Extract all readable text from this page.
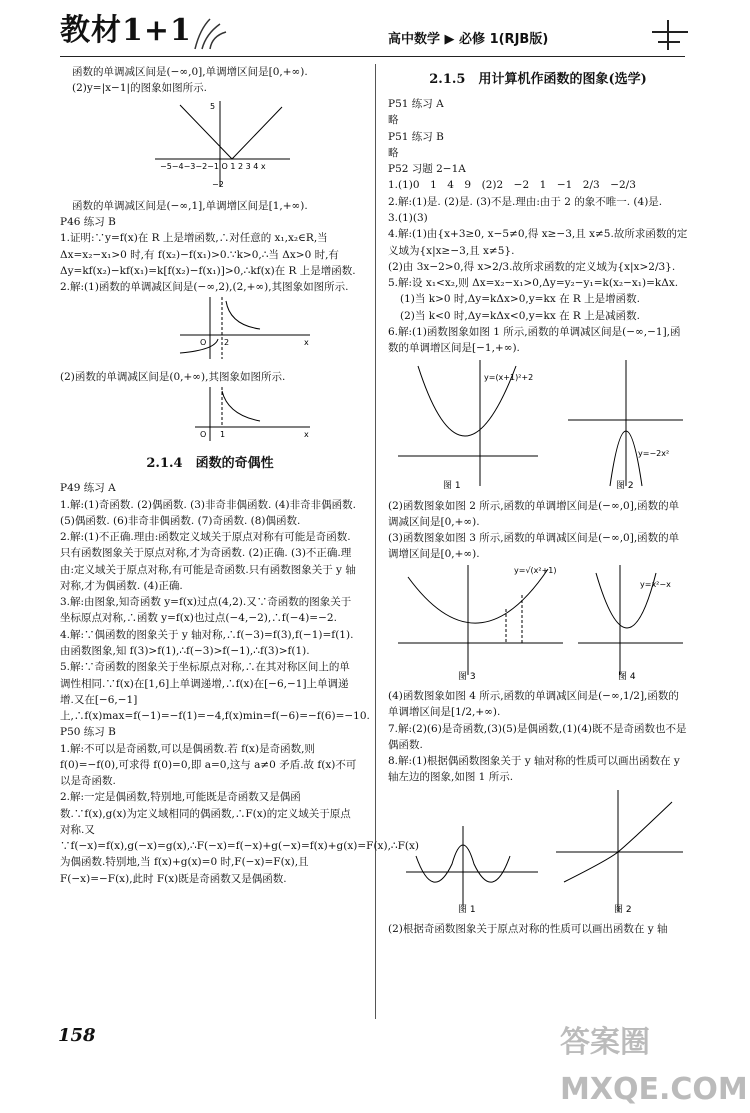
教材1+1	高中数学 ▶ 必修 1(RJB版)

函数的单调减区间是(−∞,0],单调增区间是[0,+∞).

(2)y=|x−1|的图象如图所示.

−5−4−3−2−1 O 1 2 3 4 x
5
−2

函数的单调减区间是(−∞,1],单调增区间是[1,+∞).

P46 练习 B

1.证明:∵y=f(x)在 R 上是增函数,∴对任意的 x₁,x₂∈R,当 Δx=x₂−x₁>0 时,有 f(x₂)−f(x₁)>0.∵k>0,∴当 Δx>0 时,有 Δy=kf(x₂)−kf(x₁)=k[f(x₂)−f(x₁)]>0,∴kf(x)在 R 上是增函数.

2.解:(1)函数的单调减区间是(−∞,2),(2,+∞),其图象如图所示.

O 2	x

(2)函数的单调减区间是(0,+∞),其图象如图所示.

O 1	x
2.1.4　函数的奇偶性

P49 练习 A

1.解:(1)奇函数. (2)偶函数. (3)非奇非偶函数. (4)非奇非偶函数. (5)偶函数. (6)非奇非偶函数. (7)奇函数. (8)偶函数.

2.解:(1)不正确.理由:函数定义域关于原点对称有可能是奇函数.只有函数图象关于原点对称,才为奇函数. (2)正确. (3)不正确.理由:定义域关于原点对称,有可能是奇函数.只有函数图象关于 y 轴对称,才为偶函数. (4)正确.

3.解:由图象,知奇函数 y=f(x)过点(4,2).又∵奇函数的图象关于坐标原点对称,∴函数 y=f(x)也过点(−4,−2),∴f(−4)=−2.

4.解:∵偶函数的图象关于 y 轴对称,∴f(−3)=f(3),f(−1)=f(1).由函数图象,知 f(3)>f(1),∴f(−3)>f(−1),∴f(3)>f(1).

5.解:∵奇函数的图象关于坐标原点对称,∴在其对称区间上的单调性相同.∵f(x)在[1,6]上单调递增,∴f(x)在[−6,−1]上单调递增.又在[−6,−1]上,∴f(x)max=f(−1)=−f(1)=−4,f(x)min=f(−6)=−f(6)=−10.

P50 练习 B

1.解:不可以是奇函数,可以是偶函数.若 f(x)是奇函数,则 f(0)=−f(0),可求得 f(0)=0,即 a=0,这与 a≠0 矛盾.故 f(x)不可以是奇函数.

2.解:一定是偶函数,特别地,可能既是奇函数又是偶函数.∵f(x),g(x)为定义域相同的偶函数,∴F(x)的定义域关于原点对称.又∵f(−x)=f(x),g(−x)=g(x),∴F(−x)=f(−x)+g(−x)=f(x)+g(x)=F(x),∴F(x)为偶函数.特别地,当 f(x)+g(x)=0 时,F(−x)=F(x),且 F(−x)=−F(x),此时 F(x)既是奇函数又是偶函数.

2.1.5　用计算机作函数的图象(选学)

P51 练习 A

略

P51 练习 B

略

P52 习题 2−1A

1.(1)0　1　4　9　(2)2　−2　1　−1　2/3　−2/3

2.解:(1)是. (2)是. (3)不是.理由:由于 2 的象不唯一. (4)是.

3.(1)(3)

4.解:(1)由{x+3≥0, x−5≠0,得 x≥−3,且 x≠5.故所求函数的定义域为{x|x≥−3,且 x≠5}.

(2)由 3x−2>0,得 x>2/3.故所求函数的定义域为{x|x>2/3}.

5.解:设 x₁<x₂,则 Δx=x₂−x₁>0,Δy=y₂−y₁=k(x₂−x₁)=kΔx.

(1)当 k>0 时,Δy=kΔx>0,y=kx 在 R 上是增函数.

(2)当 k<0 时,Δy=kΔx<0,y=kx 在 R 上是减函数.

6.解:(1)函数图象如图 1 所示,函数的单调减区间是(−∞,−1],函数的单调增区间是[−1,+∞).

y=(x+1)²+2
图 1
y=−2x²
图 2

(2)函数图象如图 2 所示,函数的单调增区间是(−∞,0],函数的单调减区间是[0,+∞).

(3)函数图象如图 3 所示,函数的单调减区间是(−∞,0],函数的单调增区间是[0,+∞).

y=√(x²+1)
图 3
y=x²−x
图 4

(4)函数图象如图 4 所示,函数的单调减区间是(−∞,1/2],函数的单调增区间是[1/2,+∞).

7.解:(2)(6)是奇函数,(3)(5)是偶函数,(1)(4)既不是奇函数也不是偶函数.

8.解:(1)根据偶函数图象关于 y 轴对称的性质可以画出函数在 y 轴左边的图象,如图 1 所示.

图 1	图 2

(2)根据奇函数图象关于原点对称的性质可以画出函数在 y 轴

158	答案圈 MXQE.COM
